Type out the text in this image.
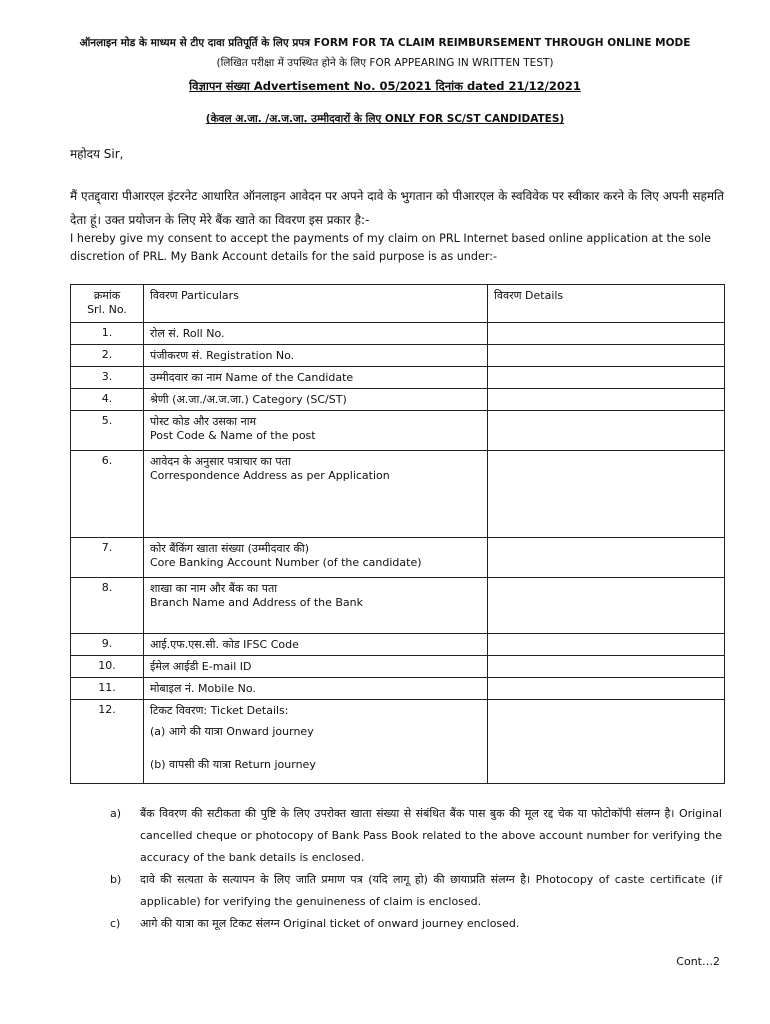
ऑनलाइन मोड के माध्यम से टीए दावा प्रतिपूर्ति के लिए प्रपत्र FORM FOR TA CLAIM REIMBURSEMENT THROUGH ONLINE MODE
(लिखित परीक्षा में उपस्थित होने के लिए FOR APPEARING IN WRITTEN TEST)
विज्ञापन संख्या Advertisement No. 05/2021 दिनांक dated 21/12/2021
(केवल अ.जा. /अ.ज.जा. उम्मीदवारों के लिए ONLY FOR SC/ST CANDIDATES)
महोदय Sir,
मैं एतद्द्वारा पीआरएल इंटरनेट आधारित ऑनलाइन आवेदन पर अपने दावे के भुगतान को पीआरएल के स्वविवेक पर स्वीकार करने के लिए अपनी सहमति देता हूं। उक्त प्रयोजन के लिए मेरे बैंक खाते का विवरण इस प्रकार है:-
I hereby give my consent to accept the payments of my claim on PRL Internet based online application at the sole discretion of PRL. My Bank Account details for the said purpose is as under:-
क्रमांक
Srl. No.	विवरण Particulars	विवरण Details
1.	रोल सं. Roll No.	
2.	पंजीकरण सं. Registration No.	
3.	उम्मीदवार का नाम Name of the Candidate	
4.	श्रेणी (अ.जा./अ.ज.जा.) Category (SC/ST)	
5.	पोस्ट कोड और उसका नाम
Post Code & Name of the post	

6.	आवेदन के अनुसार पत्राचार का पता
Correspondence Address as per Application	

7.	कोर बैंकिंग खाता संख्या (उम्मीदवार की)
Core Banking Account Number (of the candidate)	

8.	शाखा का नाम और बैंक का पता
Branch Name and Address of the Bank	

9.	आई.एफ.एस.सी. कोड IFSC Code	
10.	ईमेल आईडी E-mail ID	
11.	मोबाइल नं. Mobile No.	
12.	टिकट विवरण: Ticket Details:
(a) आगे की यात्रा Onward journey
(b) वापसी की यात्रा Return journey	

a) बैंक विवरण की सटीकता की पुष्टि के लिए उपरोक्त खाता संख्या से संबंधित बैंक पास बुक की मूल रद्द चेक या फोटोकॉपी संलग्न है। Original cancelled cheque or photocopy of Bank Pass Book related to the above account number for verifying the accuracy of the bank details is enclosed.
b) दावे की सत्यता के सत्यापन के लिए जाति प्रमाण पत्र (यदि लागू हो) की छायाप्रति संलग्न है। Photocopy of caste certificate (if applicable) for verifying the genuineness of claim is enclosed.
c) आगे की यात्रा का मूल टिकट संलग्न Original ticket of onward journey enclosed.
Cont…2
